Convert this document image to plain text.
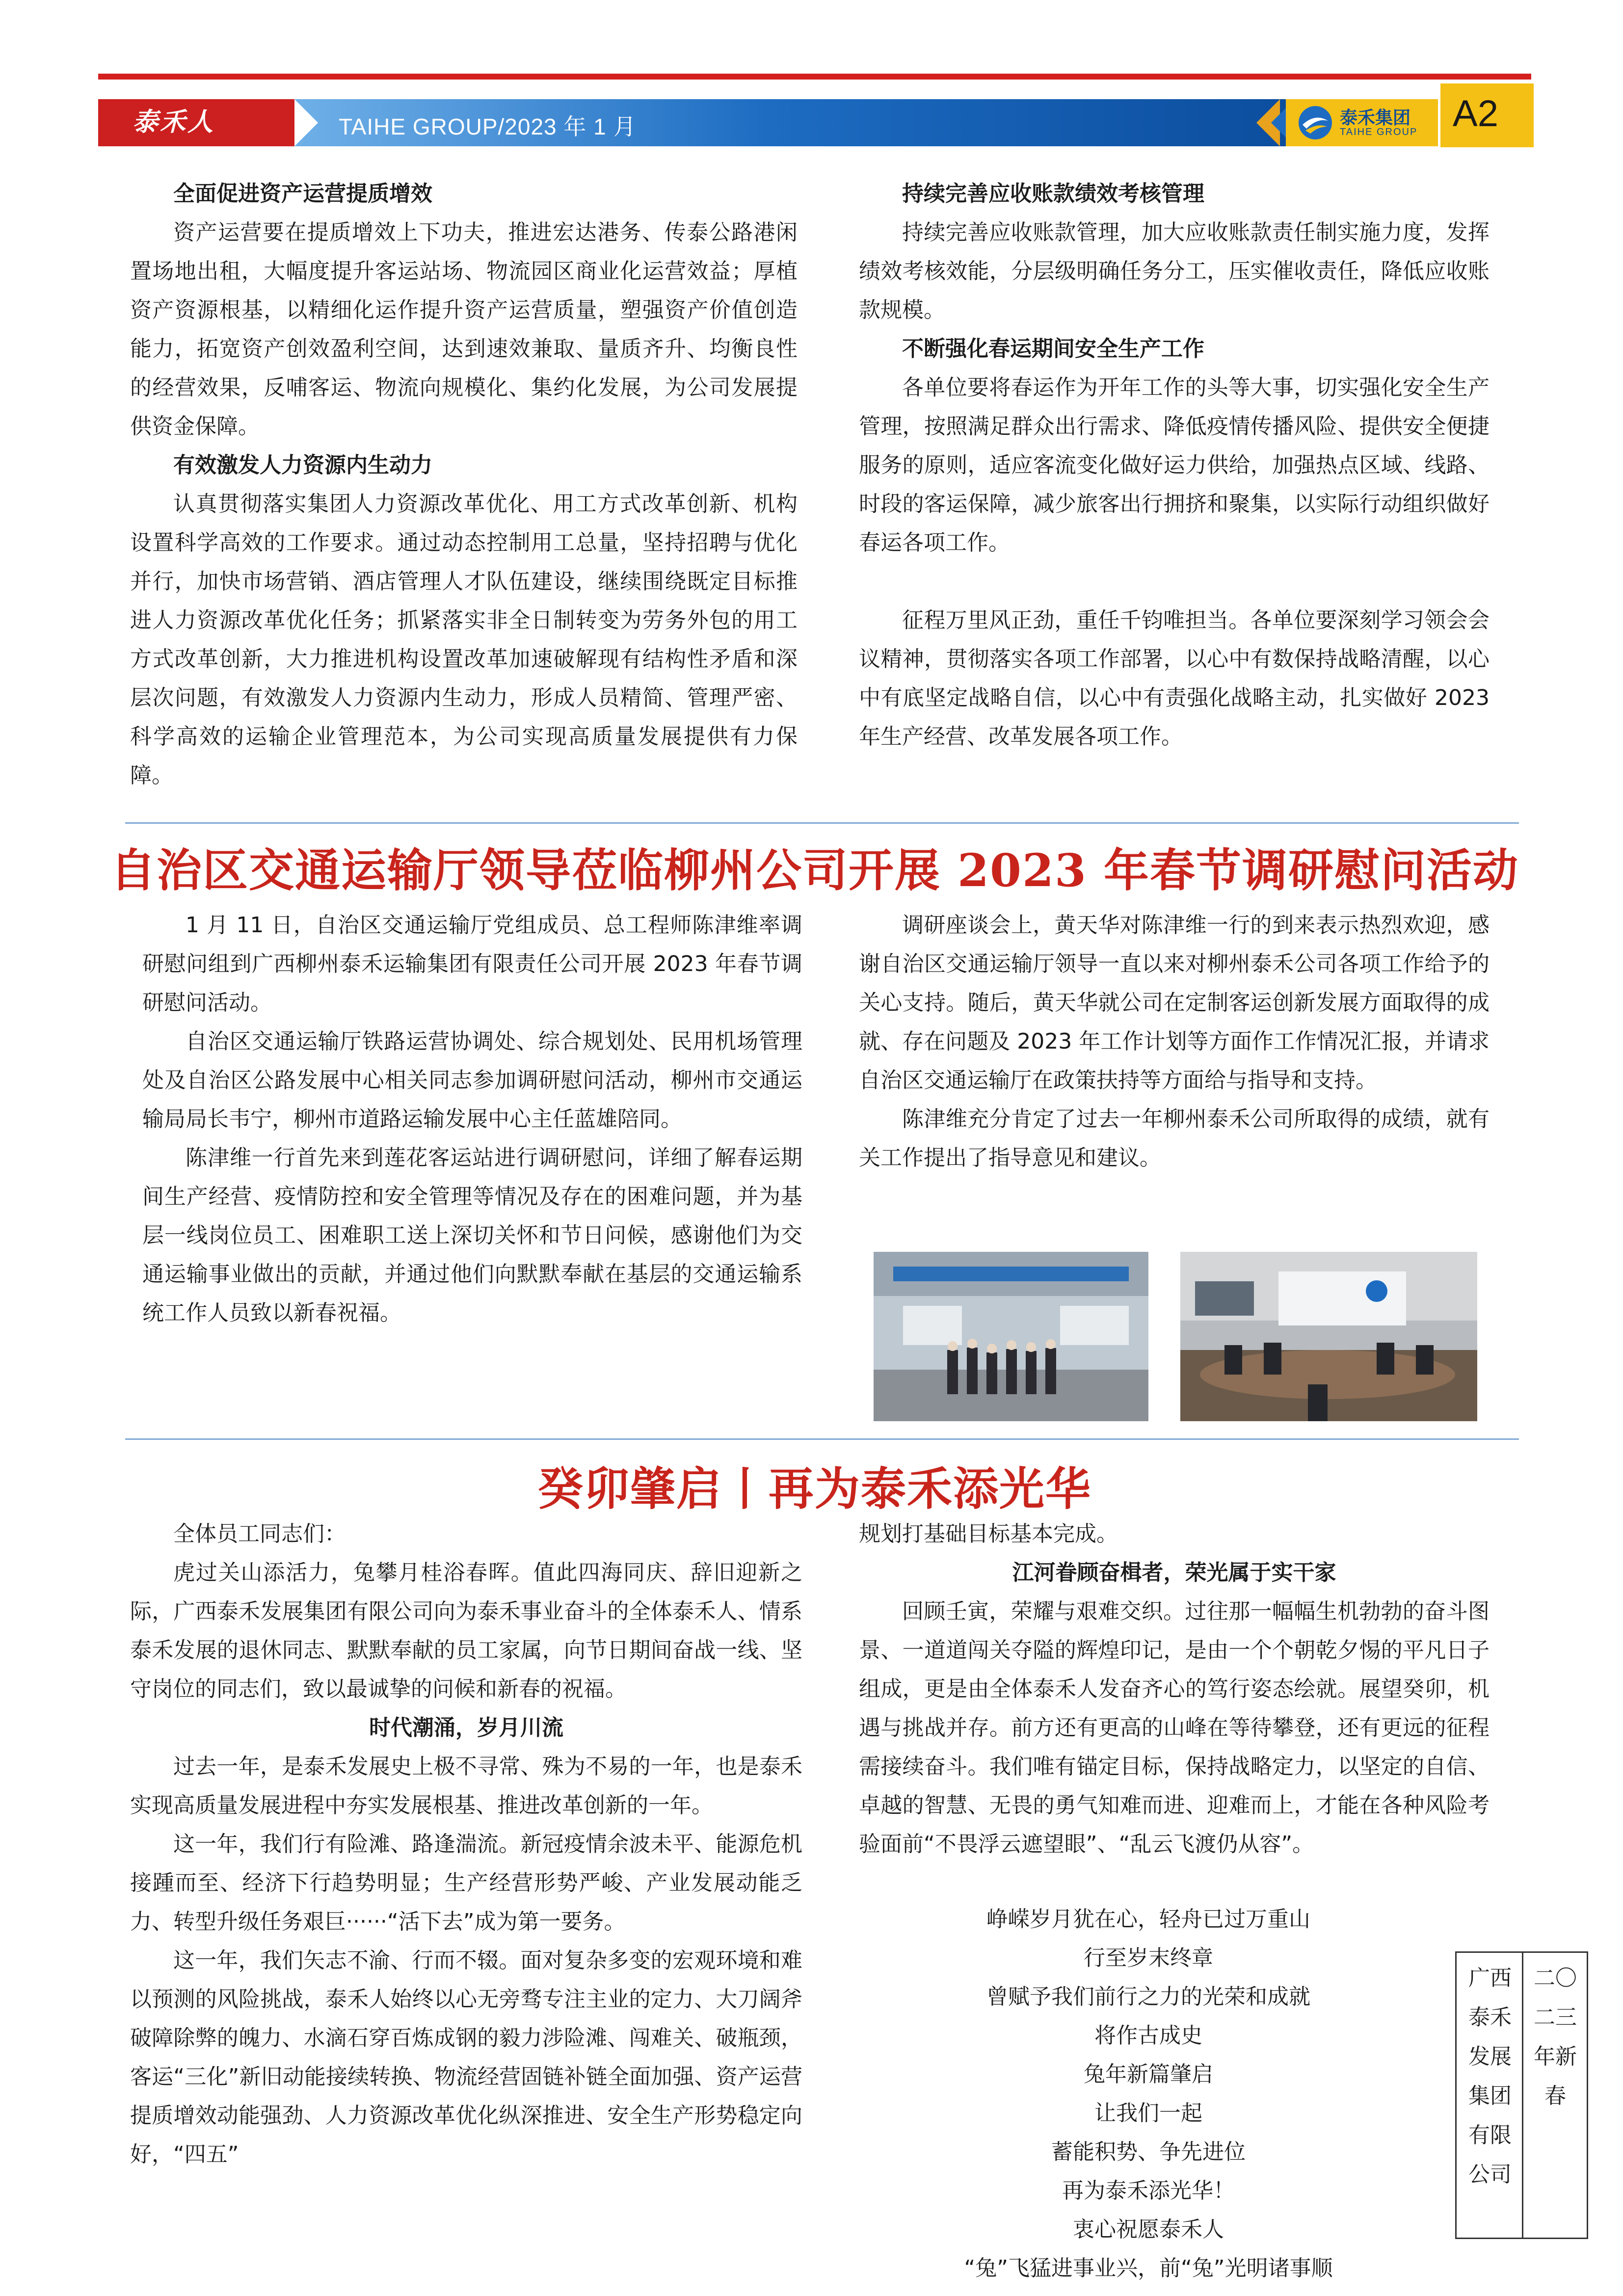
泰禾人	TAIHE GROUP/2023 年 1 月	泰禾集团
TAIHE GROUP A2

全面促进资产运营提质增效

资产运营要在提质增效上下功夫，推进宏达港务、传泰公路港闲置场地出租，大幅度提升客运站场、物流园区商业化运营效益；厚植资产资源根基，以精细化运作提升资产运营质量，塑强资产价值创造能力，拓宽资产创效盈利空间，达到速效兼取、量质齐升、均衡良性的经营效果，反哺客运、物流向规模化、集约化发展，为公司发展提供资金保障。

有效激发人力资源内生动力

认真贯彻落实集团人力资源改革优化、用工方式改革创新、机构设置科学高效的工作要求。通过动态控制用工总量，坚持招聘与优化并行，加快市场营销、酒店管理人才队伍建设，继续围绕既定目标推进人力资源改革优化任务；抓紧落实非全日制转变为劳务外包的用工方式改革创新，大力推进机构设置改革加速破解现有结构性矛盾和深层次问题，有效激发人力资源内生动力，形成人员精简、管理严密、科学高效的运输企业管理范本，为公司实现高质量发展提供有力保障。

持续完善应收账款绩效考核管理

持续完善应收账款管理，加大应收账款责任制实施力度，发挥绩效考核效能，分层级明确任务分工，压实催收责任，降低应收账款规模。

不断强化春运期间安全生产工作

各单位要将春运作为开年工作的头等大事，切实强化安全生产管理，按照满足群众出行需求、降低疫情传播风险、提供安全便捷服务的原则，适应客流变化做好运力供给，加强热点区域、线路、时段的客运保障，减少旅客出行拥挤和聚集，以实际行动组织做好春运各项工作。

征程万里风正劲，重任千钧唯担当。各单位要深刻学习领会会议精神，贯彻落实各项工作部署，以心中有数保持战略清醒，以心中有底坚定战略自信，以心中有责强化战略主动，扎实做好 2023 年生产经营、改革发展各项工作。

自治区交通运输厅领导莅临柳州公司开展 2023 年春节调研慰问活动

1 月 11 日，自治区交通运输厅党组成员、总工程师陈津维率调研慰问组到广西柳州泰禾运输集团有限责任公司开展 2023 年春节调研慰问活动。

自治区交通运输厅铁路运营协调处、综合规划处、民用机场管理处及自治区公路发展中心相关同志参加调研慰问活动，柳州市交通运输局局长韦宁，柳州市道路运输发展中心主任蓝雄陪同。

陈津维一行首先来到莲花客运站进行调研慰问，详细了解春运期间生产经营、疫情防控和安全管理等情况及存在的困难问题，并为基层一线岗位员工、困难职工送上深切关怀和节日问候，感谢他们为交通运输事业做出的贡献，并通过他们向默默奉献在基层的交通运输系统工作人员致以新春祝福。

调研座谈会上，黄天华对陈津维一行的到来表示热烈欢迎，感谢自治区交通运输厅领导一直以来对柳州泰禾公司各项工作给予的关心支持。随后，黄天华就公司在定制客运创新发展方面取得的成就、存在问题及 2023 年工作计划等方面作工作情况汇报，并请求自治区交通运输厅在政策扶持等方面给与指导和支持。

陈津维充分肯定了过去一年柳州泰禾公司所取得的成绩，就有关工作提出了指导意见和建议。

癸卯肇启丨再为泰禾添光华

全体员工同志们：

虎过关山添活力，兔攀月桂浴春晖。值此四海同庆、辞旧迎新之际，广西泰禾发展集团有限公司向为泰禾事业奋斗的全体泰禾人、情系泰禾发展的退休同志、默默奉献的员工家属，向节日期间奋战一线、坚守岗位的同志们，致以最诚挚的问候和新春的祝福。

时代潮涌，岁月川流

过去一年，是泰禾发展史上极不寻常、殊为不易的一年，也是泰禾实现高质量发展进程中夯实发展根基、推进改革创新的一年。

这一年，我们行有险滩、路逢湍流。新冠疫情余波未平、能源危机接踵而至、经济下行趋势明显；生产经营形势严峻、产业发展动能乏力、转型升级任务艰巨······“活下去”成为第一要务。

这一年，我们矢志不渝、行而不辍。面对复杂多变的宏观环境和难以预测的风险挑战，泰禾人始终以心无旁骛专注主业的定力、大刀阔斧破障除弊的魄力、水滴石穿百炼成钢的毅力涉险滩、闯难关、破瓶颈，客运“三化”新旧动能接续转换、物流经营固链补链全面加强、资产运营提质增效动能强劲、人力资源改革优化纵深推进、安全生产形势稳定向好，“四五”

规划打基础目标基本完成。

江河眷顾奋楫者，荣光属于实干家

回顾壬寅，荣耀与艰难交织。过往那一幅幅生机勃勃的奋斗图景、一道道闯关夺隘的辉煌印记，是由一个个朝乾夕惕的平凡日子组成，更是由全体泰禾人发奋齐心的笃行姿态绘就。展望癸卯，机遇与挑战并存。前方还有更高的山峰在等待攀登，还有更远的征程需接续奋斗。我们唯有锚定目标，保持战略定力，以坚定的自信、卓越的智慧、无畏的勇气知难而进、迎难而上，才能在各种风险考验面前“不畏浮云遮望眼”、“乱云飞渡仍从容”。

峥嵘岁月犹在心，轻舟已过万重山

行至岁末终章

曾赋予我们前行之力的光荣和成就

将作古成史

兔年新篇肇启

让我们一起

蓄能积势、争先进位

再为泰禾添光华！

衷心祝愿泰禾人

“兔”飞猛进事业兴，前“兔”光明诸事顺

广西泰禾发展集团有限公司
二〇二三年新春
